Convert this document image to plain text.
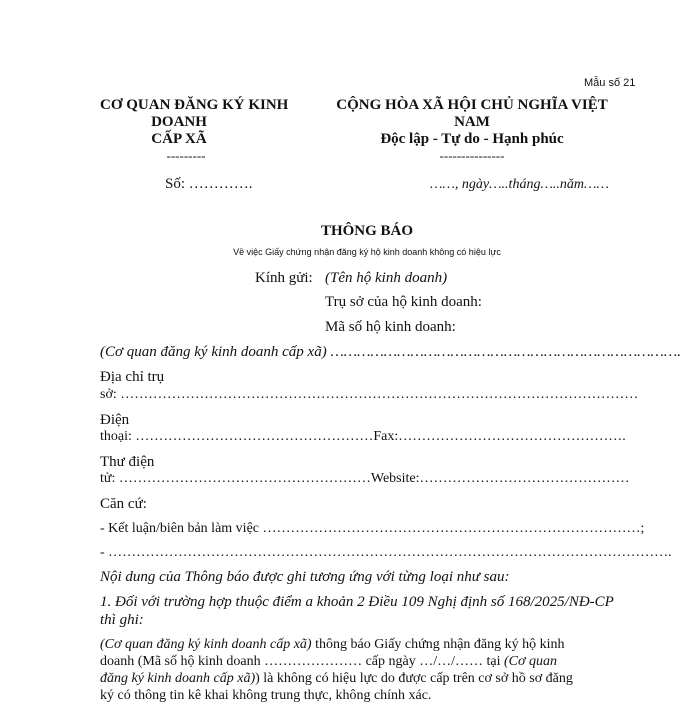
Mẫu số 21
CƠ QUAN ĐĂNG KÝ KINH
DOANH
CẤP XÃ
---------
Số: ………….
CỘNG HÒA XÃ HỘI CHỦ NGHĨA VIỆT
NAM
Độc lập - Tự do - Hạnh phúc
---------------
……, ngày…..tháng…..năm……
THÔNG BÁO
Về việc Giấy chứng nhận đăng ký hộ kinh doanh không có hiệu lực
Kính gửi: (Tên hộ kinh doanh)
Trụ sở của hộ kinh doanh:
Mã số hộ kinh doanh:
(Cơ quan đăng ký kinh doanh cấp xã) …………………………………………………………………….
Địa chỉ trụ
sở: …………………………………………………………………………………………………
Điện
thoại: ……………………………………………Fax:………………………………………….
Thư điện
tử: ………………………………………………Website:………………………………………
Căn cứ:
- Kết luận/biên bản làm việc ………………………………………………………………………;
- ………………………………………………………………………………………………………….
Nội dung của Thông báo được ghi tương ứng với từng loại như sau:
1. Đối với trường hợp thuộc điểm a khoản 2 Điều 109 Nghị định số 168/2025/NĐ-CP
thì ghi:
(Cơ quan đăng ký kinh doanh cấp xã) thông báo Giấy chứng nhận đăng ký hộ kinh
doanh (Mã số hộ kinh doanh ………………… cấp ngày …/…/…… tại (Cơ quan
đăng ký kinh doanh cấp xã)) là không có hiệu lực do được cấp trên cơ sở hồ sơ đăng
ký có thông tin kê khai không trung thực, không chính xác.
